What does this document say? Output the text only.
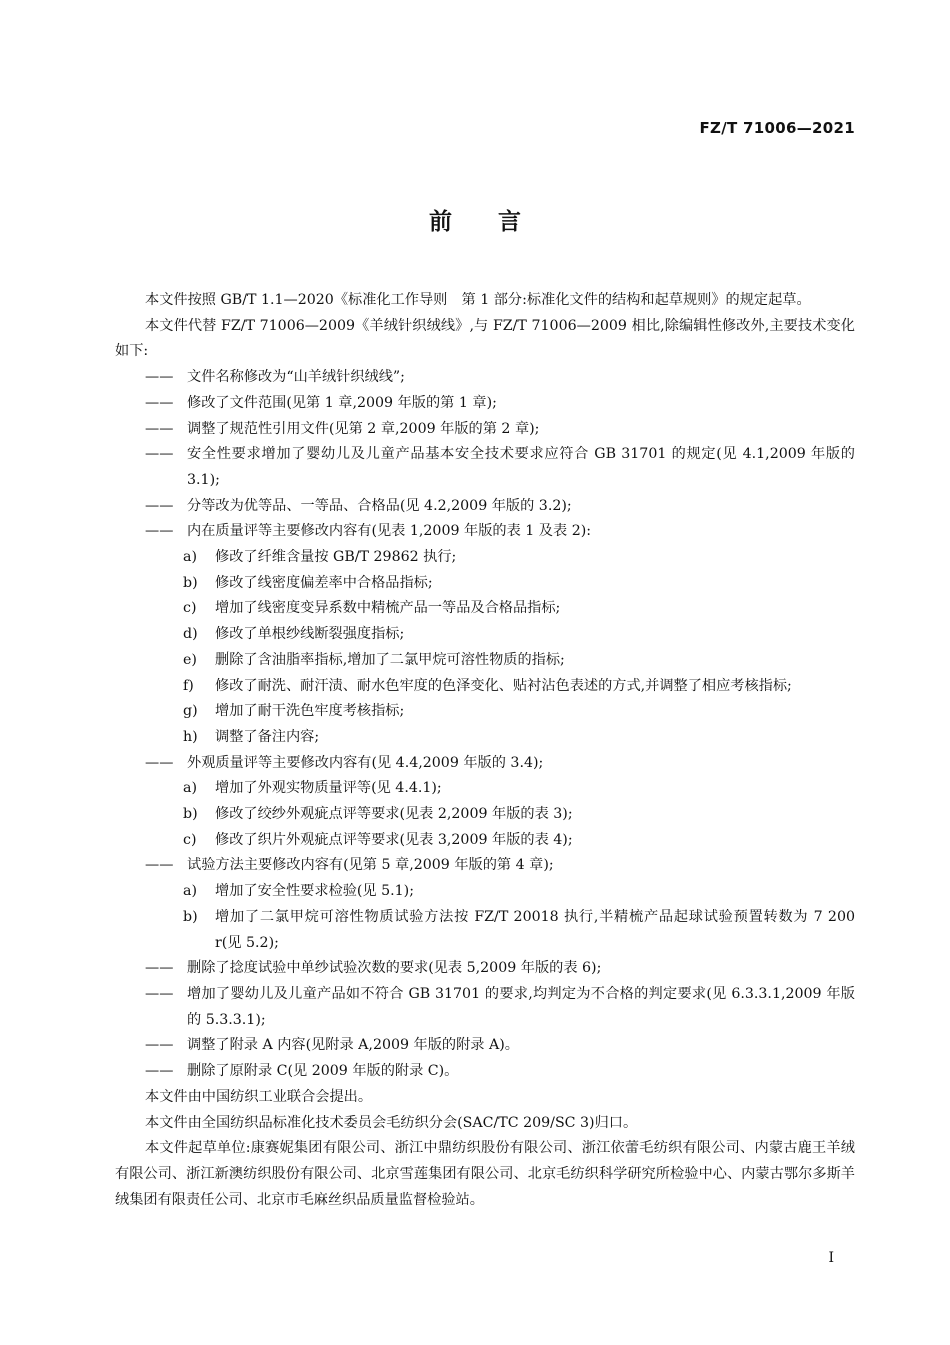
FZ/T 71006—2021
前言

本文件按照 GB/T 1.1—2020《标准化工作导则　第 1 部分:标准化文件的结构和起草规则》的规定起草。

本文件代替 FZ/T 71006—2009《羊绒针织绒线》,与 FZ/T 71006—2009 相比,除编辑性修改外,主要技术变化如下:

—— 文件名称修改为“山羊绒针织绒线”;

—— 修改了文件范围(见第 1 章,2009 年版的第 1 章);

—— 调整了规范性引用文件(见第 2 章,2009 年版的第 2 章);

—— 安全性要求增加了婴幼儿及儿童产品基本安全技术要求应符合 GB 31701 的规定(见 4.1,2009 年版的 3.1);

—— 分等改为优等品、一等品、合格品(见 4.2,2009 年版的 3.2);

—— 内在质量评等主要修改内容有(见表 1,2009 年版的表 1 及表 2):

a) 修改了纤维含量按 GB/T 29862 执行;

b) 修改了线密度偏差率中合格品指标;

c) 增加了线密度变异系数中精梳产品一等品及合格品指标;

d) 修改了单根纱线断裂强度指标;

e) 删除了含油脂率指标,增加了二氯甲烷可溶性物质的指标;

f) 修改了耐洗、耐汗渍、耐水色牢度的色泽变化、贴衬沾色表述的方式,并调整了相应考核指标;

g) 增加了耐干洗色牢度考核指标;

h) 调整了备注内容;

—— 外观质量评等主要修改内容有(见 4.4,2009 年版的 3.4);

a) 增加了外观实物质量评等(见 4.4.1);

b) 修改了绞纱外观疵点评等要求(见表 2,2009 年版的表 3);

c) 修改了织片外观疵点评等要求(见表 3,2009 年版的表 4);

—— 试验方法主要修改内容有(见第 5 章,2009 年版的第 4 章);

a) 增加了安全性要求检验(见 5.1);

b) 增加了二氯甲烷可溶性物质试验方法按 FZ/T 20018 执行,半精梳产品起球试验预置转数为 7 200 r(见 5.2);

—— 删除了捻度试验中单纱试验次数的要求(见表 5,2009 年版的表 6);

—— 增加了婴幼儿及儿童产品如不符合 GB 31701 的要求,均判定为不合格的判定要求(见 6.3.3.1,2009 年版的 5.3.3.1);

—— 调整了附录 A 内容(见附录 A,2009 年版的附录 A)。

—— 删除了原附录 C(见 2009 年版的附录 C)。

本文件由中国纺织工业联合会提出。

本文件由全国纺织品标准化技术委员会毛纺织分会(SAC/TC 209/SC 3)归口。

本文件起草单位:康赛妮集团有限公司、浙江中鼎纺织股份有限公司、浙江依蕾毛纺织有限公司、内蒙古鹿王羊绒有限公司、浙江新澳纺织股份有限公司、北京雪莲集团有限公司、北京毛纺织科学研究所检验中心、内蒙古鄂尔多斯羊绒集团有限责任公司、北京市毛麻丝织品质量监督检验站。

I
